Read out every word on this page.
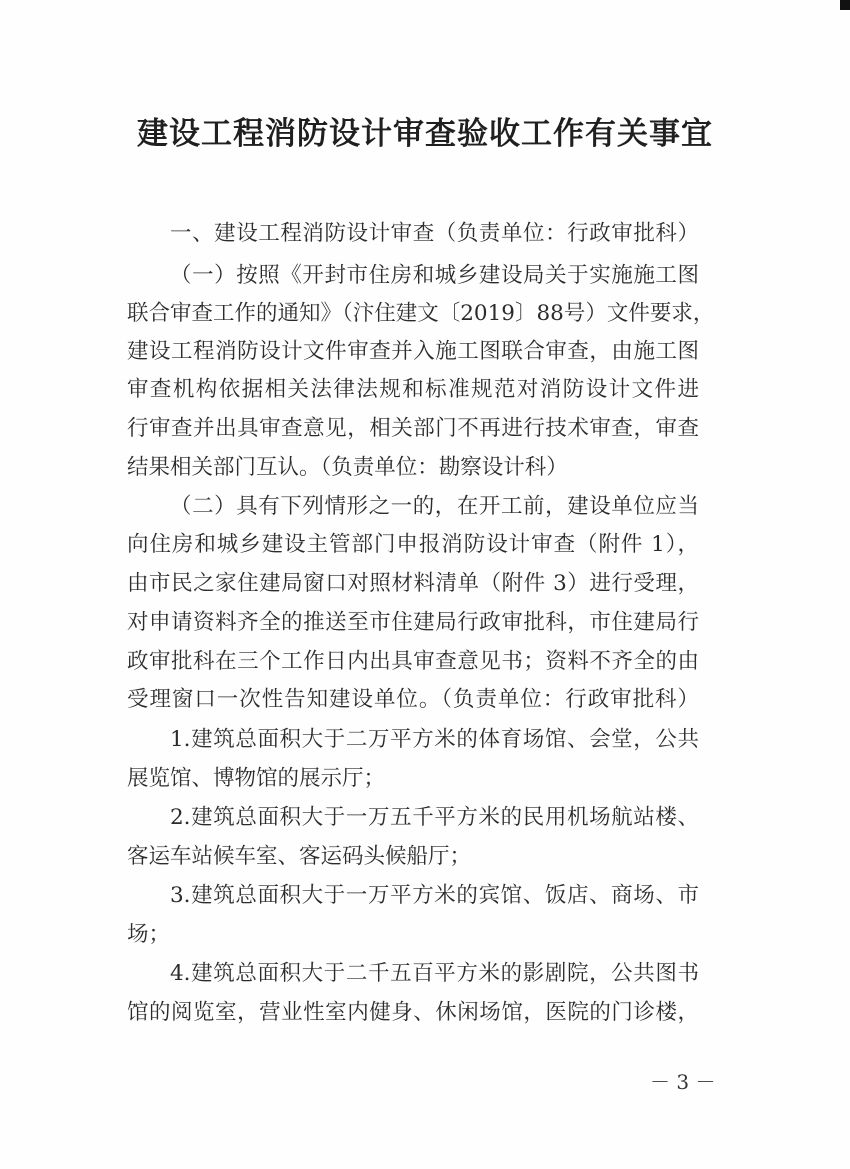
建设工程消防设计审查验收工作有关事宜
一、建设工程消防设计审查（负责单位：行政审批科）
（一）按照《开封市住房和城乡建设局关于实施施工图
联合审查工作的通知》（汴住建文〔2019〕88号）文件要求，
建设工程消防设计文件审查并入施工图联合审查，由施工图
审查机构依据相关法律法规和标准规范对消防设计文件进
行审查并出具审查意见，相关部门不再进行技术审查，审查
结果相关部门互认。（负责单位：勘察设计科）
（二）具有下列情形之一的，在开工前，建设单位应当
向住房和城乡建设主管部门申报消防设计审查（附件 1），
由市民之家住建局窗口对照材料清单（附件 3）进行受理，
对申请资料齐全的推送至市住建局行政审批科，市住建局行
政审批科在三个工作日内出具审查意见书；资料不齐全的由
受理窗口一次性告知建设单位。（负责单位：行政审批科）
1.建筑总面积大于二万平方米的体育场馆、会堂，公共
展览馆、博物馆的展示厅；
2.建筑总面积大于一万五千平方米的民用机场航站楼、
客运车站候车室、客运码头候船厅；
3.建筑总面积大于一万平方米的宾馆、饭店、商场、市
场；
4.建筑总面积大于二千五百平方米的影剧院，公共图书
馆的阅览室，营业性室内健身、休闲场馆，医院的门诊楼，
－ 3 －
